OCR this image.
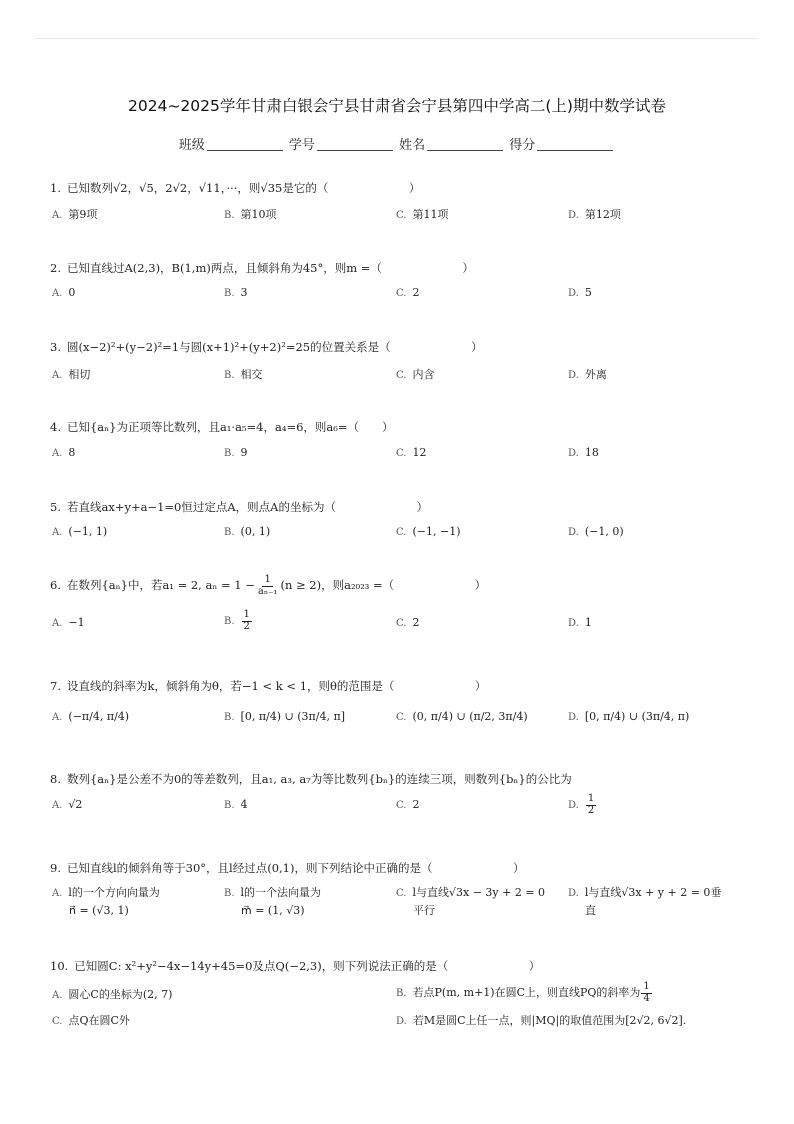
2024~2025学年甘肃白银会宁县甘肃省会宁县第四中学高二(上)期中数学试卷
班级	学号	姓名	得分
1. 已知数列√2，√5，2√2，√11，···，则√35是它的（　　　　　　　）
A. 第9项	B. 第10项	C. 第11项	D. 第12项
2. 已知直线过A(2,3)，B(1,m)两点，且倾斜角为45°，则m =（　　　　　　　）
A. 0	B. 3	C. 2	D. 5
3. 圆(x−2)²+(y−2)²=1与圆(x+1)²+(y+2)²=25的位置关系是（　　　　　　　）
A. 相切	B. 相交	C. 内含	D. 外离
4. 已知{aₙ}为正项等比数列，且a₁·a₅=4，a₄=6，则a₆=（　　）
A. 8	B. 9	C. 12	D. 18
5. 若直线ax+y+a−1=0恒过定点A，则点A的坐标为（　　　　　　　）
A. (−1, 1)	B. (0, 1)	C. (−1, −1)	D. (−1, 0)
6. 在数列{aₙ}中，若a₁ = 2, $a_n = 1 - \frac{1}{\text{aₙ₋₁}} (n \ge 2)$，则a₂₀₂₃ =（　　　　　　　）
A. −1	B. $\frac{1}{2}$	C. 2	D. 1
7. 设直线的斜率为k，倾斜角为θ，若−1 < k < 1，则θ的范围是（　　　　　　　）
A. (−π/4, π/4)	B. [0, π/4) ∪ (3π/4, π]	C. (0, π/4) ∪ (π/2, 3π/4)	D. [0, π/4) ∪ (3π/4, π)
8. 数列{aₙ}是公差不为0的等差数列，且a₁, a₃, a₇为等比数列{bₙ}的连续三项，则数列{bₙ}的公比为
A. √2	B. 4	C. 2	D. $\frac{1}{2}$
9. 已知直线l的倾斜角等于30°，且l经过点(0,1)，则下列结论中正确的是（　　　　　　　）
A. l的一个方向向量为
n⃗ = (√3, 1)
B. l的一个法向量为
m⃗ = (1, √3)
C. l与直线√3x − 3y + 2 = 0
平行
D. l与直线√3x + y + 2 = 0垂
直
10. 已知圆C: x²+y²−4x−14y+45=0及点Q(−2,3)，则下列说法正确的是（　　　　　　　）
A. 圆心C的坐标为(2, 7)	B. 若点P(m, m+1)在圆C上，则直线PQ的斜率为 $\frac{1}{4}$
C. 点Q在圆C外	D. 若M是圆C上任一点，则|MQ|的取值范围为[2√2, 6√2].
